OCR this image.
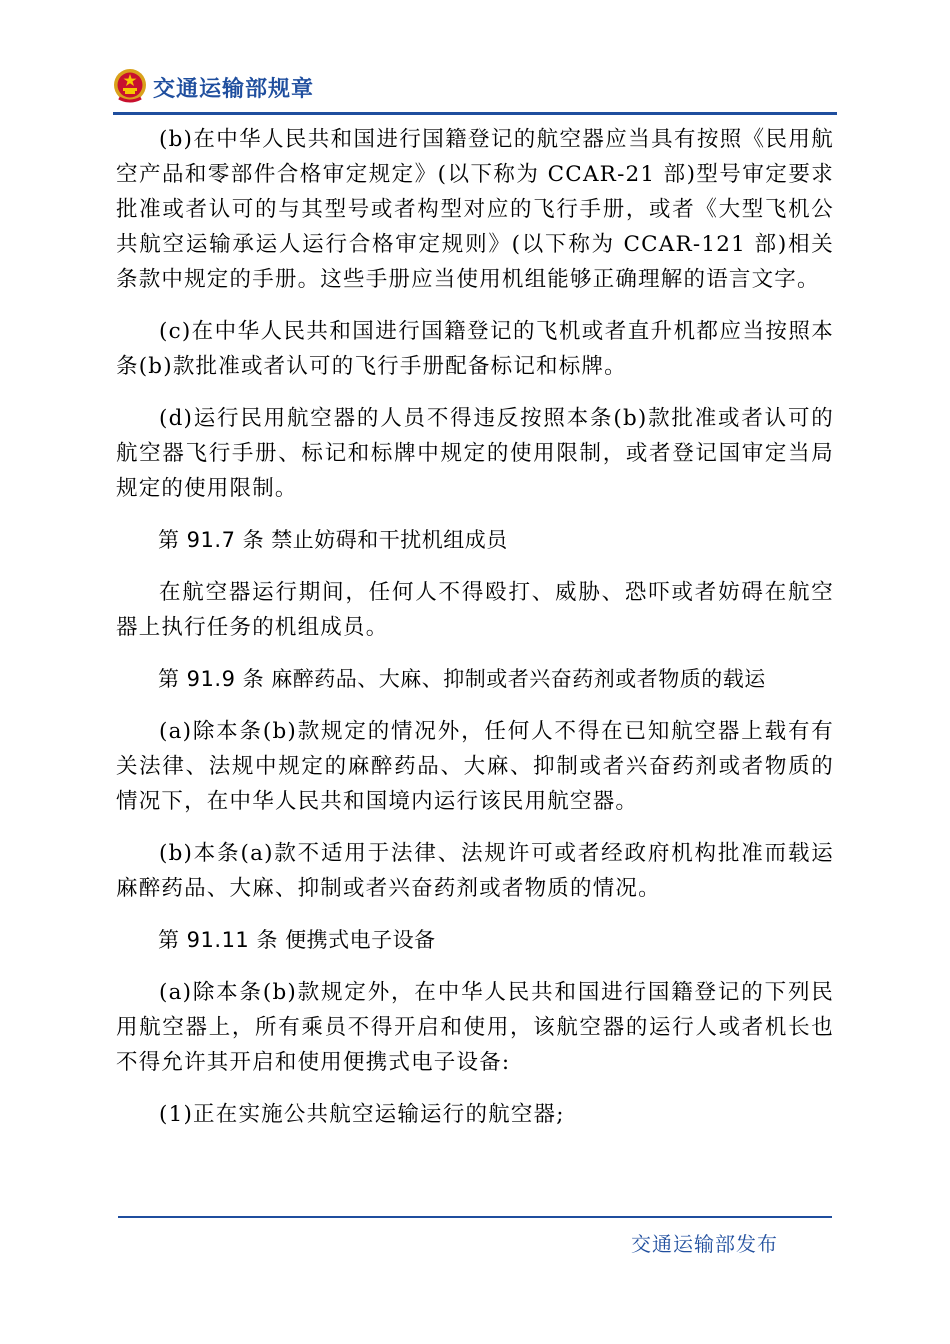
交通运输部规章

(b)在中华人民共和国进行国籍登记的航空器应当具有按照《民用航空产品和零部件合格审定规定》(以下称为 CCAR-21 部)型号审定要求批准或者认可的与其型号或者构型对应的飞行手册，或者《大型飞机公共航空运输承运人运行合格审定规则》(以下称为 CCAR-121 部)相关条款中规定的手册。这些手册应当使用机组能够正确理解的语言文字。

(c)在中华人民共和国进行国籍登记的飞机或者直升机都应当按照本条(b)款批准或者认可的飞行手册配备标记和标牌。

(d)运行民用航空器的人员不得违反按照本条(b)款批准或者认可的航空器飞行手册、标记和标牌中规定的使用限制，或者登记国审定当局规定的使用限制。

第 91.7 条 禁止妨碍和干扰机组成员

在航空器运行期间，任何人不得殴打、威胁、恐吓或者妨碍在航空器上执行任务的机组成员。

第 91.9 条 麻醉药品、大麻、抑制或者兴奋药剂或者物质的载运

(a)除本条(b)款规定的情况外，任何人不得在已知航空器上载有有关法律、法规中规定的麻醉药品、大麻、抑制或者兴奋药剂或者物质的情况下，在中华人民共和国境内运行该民用航空器。

(b)本条(a)款不适用于法律、法规许可或者经政府机构批准而载运麻醉药品、大麻、抑制或者兴奋药剂或者物质的情况。

第 91.11 条 便携式电子设备

(a)除本条(b)款规定外，在中华人民共和国进行国籍登记的下列民用航空器上，所有乘员不得开启和使用，该航空器的运行人或者机长也不得允许其开启和使用便携式电子设备:

(1)正在实施公共航空运输运行的航空器;

交通运输部发布
